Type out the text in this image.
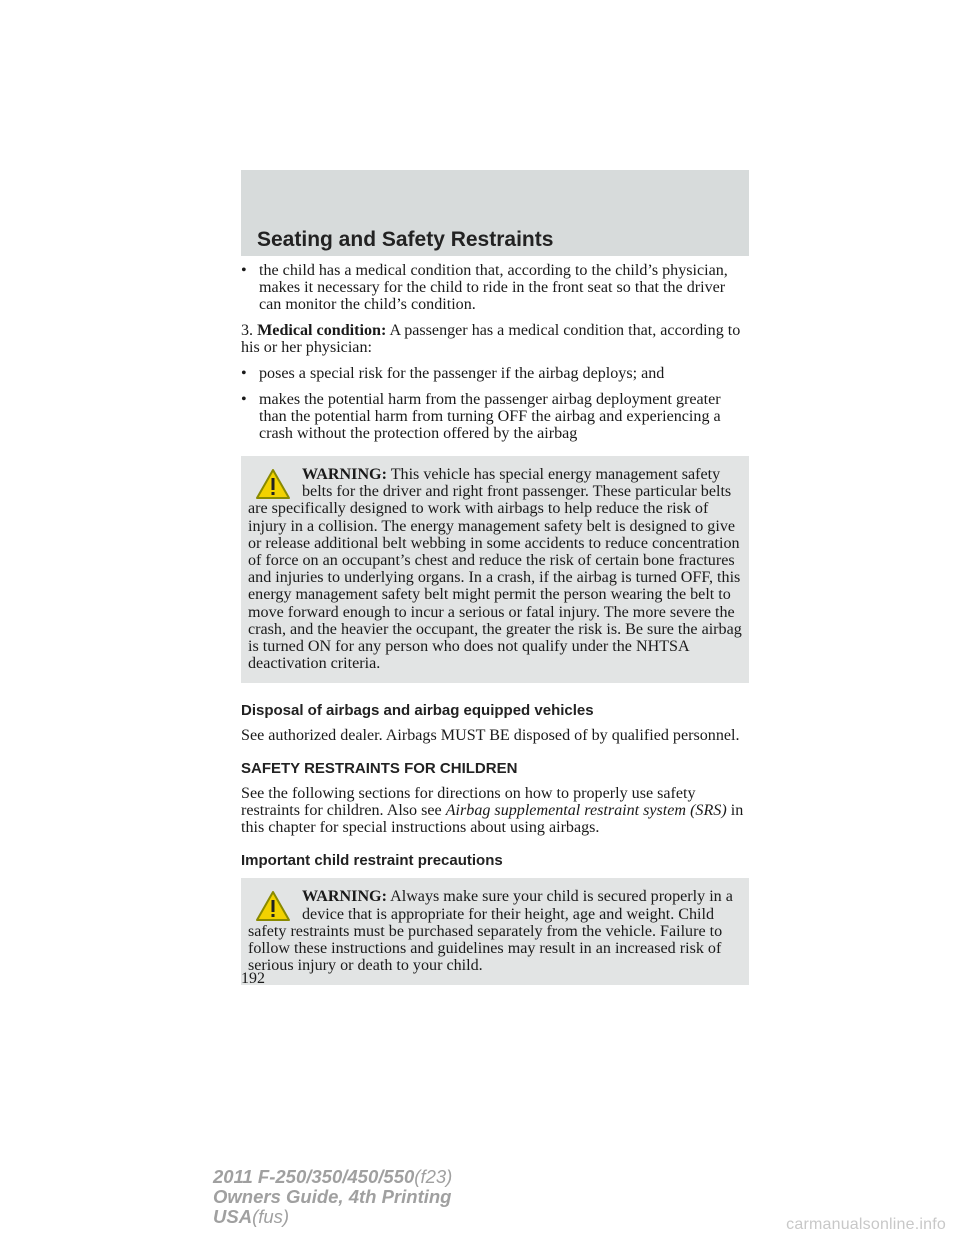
Seating and Safety Restraints
• the child has a medical condition that, according to the child’s physician, makes it necessary for the child to ride in the front seat so that the driver can monitor the child’s condition.

3. Medical condition: A passenger has a medical condition that, according to his or her physician:

• poses a special risk for the passenger if the airbag deploys; and
• makes the potential harm from the passenger airbag deployment greater than the potential harm from turning OFF the airbag and experiencing a crash without the protection offered by the airbag
WARNING: This vehicle has special energy management safety belts for the driver and right front passenger. These particular belts are specifically designed to work with airbags to help reduce the risk of injury in a collision. The energy management safety belt is designed to give or release additional belt webbing in some accidents to reduce concentration of force on an occupant’s chest and reduce the risk of certain bone fractures and injuries to underlying organs. In a crash, if the airbag is turned OFF, this energy management safety belt might permit the person wearing the belt to move forward enough to incur a serious or fatal injury. The more severe the crash, and the heavier the occupant, the greater the risk is. Be sure the airbag is turned ON for any person who does not qualify under the NHTSA deactivation criteria.
Disposal of airbags and airbag equipped vehicles

See authorized dealer. Airbags MUST BE disposed of by qualified personnel.

SAFETY RESTRAINTS FOR CHILDREN

See the following sections for directions on how to properly use safety restraints for children. Also see Airbag supplemental restraint system (SRS) in this chapter for special instructions about using airbags.

Important child restraint precautions
WARNING: Always make sure your child is secured properly in a device that is appropriate for their height, age and weight. Child safety restraints must be purchased separately from the vehicle. Failure to follow these instructions and guidelines may result in an increased risk of serious injury or death to your child.
192
2011 F-250/350/450/550(f23)
Owners Guide, 4th Printing
USA(fus)	carmanualsonline.info
